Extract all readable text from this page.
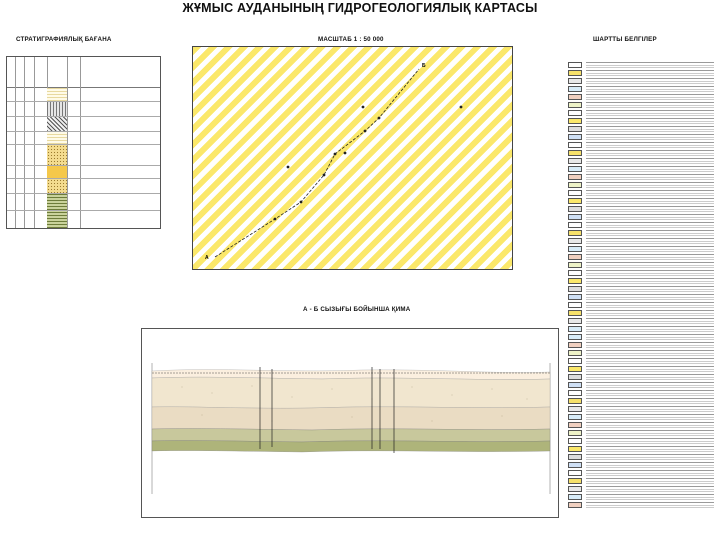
ЖҰМЫС АУДАНЫНЫҢ ГИДРОГЕОЛОГИЯЛЫҚ КАРТАСЫ
СТРАТИГРАФИЯЛЫҚ БАҒАНА	МАСШТАБ 1 : 50 000	ШАРТТЫ БЕЛГІЛЕР
А - Б СЫЗЫҒЫ БОЙЫНША ҚИМА
А
Б
